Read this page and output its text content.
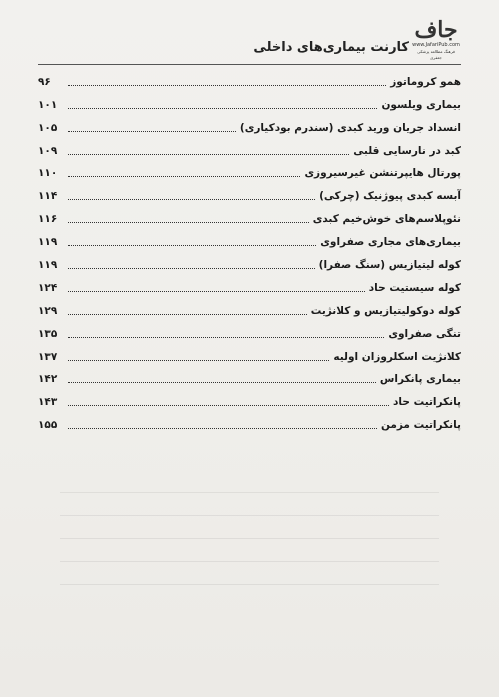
جاف
www.JafariPub.com
فرهنگ مطالعه پزشکی جعفری
کارنت بیماری‌های داخلی
همو کروماتوز
۹۶
بیماری ویلسون
۱۰۱
انسداد جریان ورید کبدی (سندرم بودکیاری)
۱۰۵
کبد در نارسایی قلبی
۱۰۹
پورتال هایپرتنشن غیرسیروزی
۱۱۰
آبسه کبدی پیوژنیک (چرکی)
۱۱۴
نئوپلاسم‌های خوش‌خیم کبدی
۱۱۶
بیماری‌های مجاری صفراوی
۱۱۹
کوله لیتیازیس (سنگ صفرا)
۱۱۹
کوله سیستیت حاد
۱۲۴
کوله دوکولیتیازیس و کلانژیت
۱۲۹
تنگی صفراوی
۱۳۵
کلانژیت اسکلروزان اولیه
۱۳۷
بیماری پانکراس
۱۴۲
پانکراتیت حاد
۱۴۳
پانکراتیت مزمن
۱۵۵
